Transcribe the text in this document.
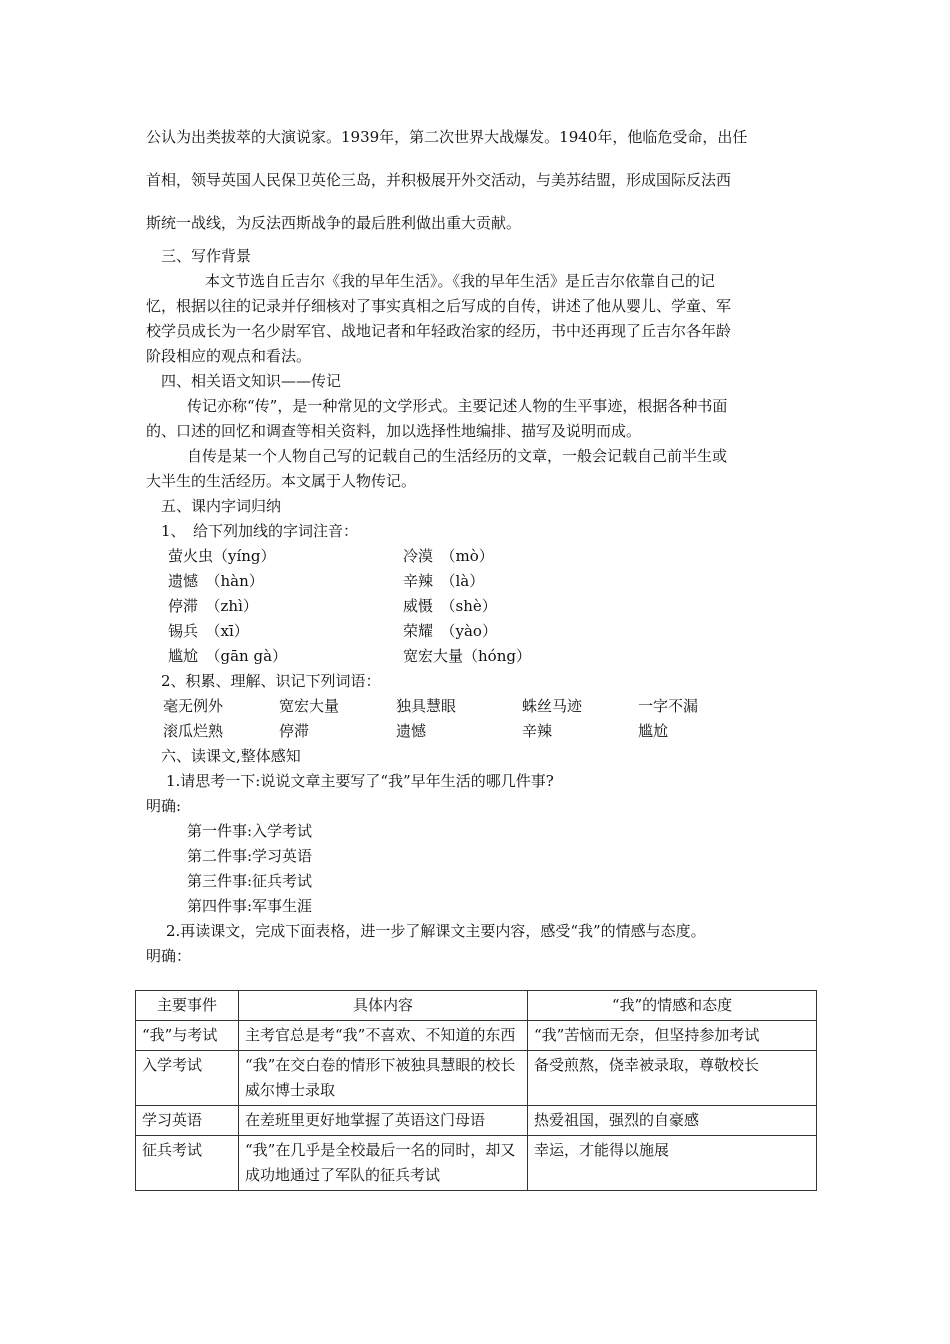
公认为出类拔萃的大演说家。1939年，第二次世界大战爆发。1940年，他临危受命，出任
首相，领导英国人民保卫英伦三岛，并积极展开外交活动，与美苏结盟，形成国际反法西
斯统一战线，为反法西斯战争的最后胜利做出重大贡献。
三、写作背景
本文节选自丘吉尔《我的早年生活》。《我的早年生活》是丘吉尔依靠自己的记
忆，根据以往的记录并仔细核对了事实真相之后写成的自传，讲述了他从婴儿、学童、军
校学员成长为一名少尉军官、战地记者和年轻政治家的经历，书中还再现了丘吉尔各年龄
阶段相应的观点和看法。
四、相关语文知识——传记
传记亦称“传”，是一种常见的文学形式。主要记述人物的生平事迹，根据各种书面
的、口述的回忆和调查等相关资料，加以选择性地编排、描写及说明而成。
自传是某一个人物自己写的记载自己的生活经历的文章，一般会记载自己前半生或
大半生的生活经历。本文属于人物传记。
五、课内字词归纳
1、　给下列加线的字词注音：
萤火虫（yíng）	冷漠　（mò）
遗憾　（hàn）	辛辣　（là）
停滞　（zhì）	威慑　（shè）
锡兵　（xī）	荣耀　（yào）
尴尬　（gān gà）	宽宏大量（hóng）
2、积累、理解、识记下列词语：
毫无例外	宽宏大量	独具慧眼	蛛丝马迹	一字不漏
滚瓜烂熟	停滞	遗憾	辛辣	尴尬
六、读课文,整体感知
1.请思考一下:说说文章主要写了“我”早年生活的哪几件事?
明确:
第一件事:入学考试
第二件事:学习英语
第三件事:征兵考试
第四件事:军事生涯
2.再读课文，完成下面表格，进一步了解课文主要内容，感受“我”的情感与态度。
明确：
主要事件	具体内容	“我”的情感和态度
“我”与考试	主考官总是考“我”不喜欢、不知道的东西	“我”苦恼而无奈，但坚持参加考试
入学考试	“我”在交白卷的情形下被独具慧眼的校长威尔博士录取	备受煎熬，侥幸被录取，尊敬校长
学习英语	在差班里更好地掌握了英语这门母语	热爱祖国，强烈的自豪感
征兵考试	“我”在几乎是全校最后一名的同时，却又成功地通过了军队的征兵考试	幸运，才能得以施展
